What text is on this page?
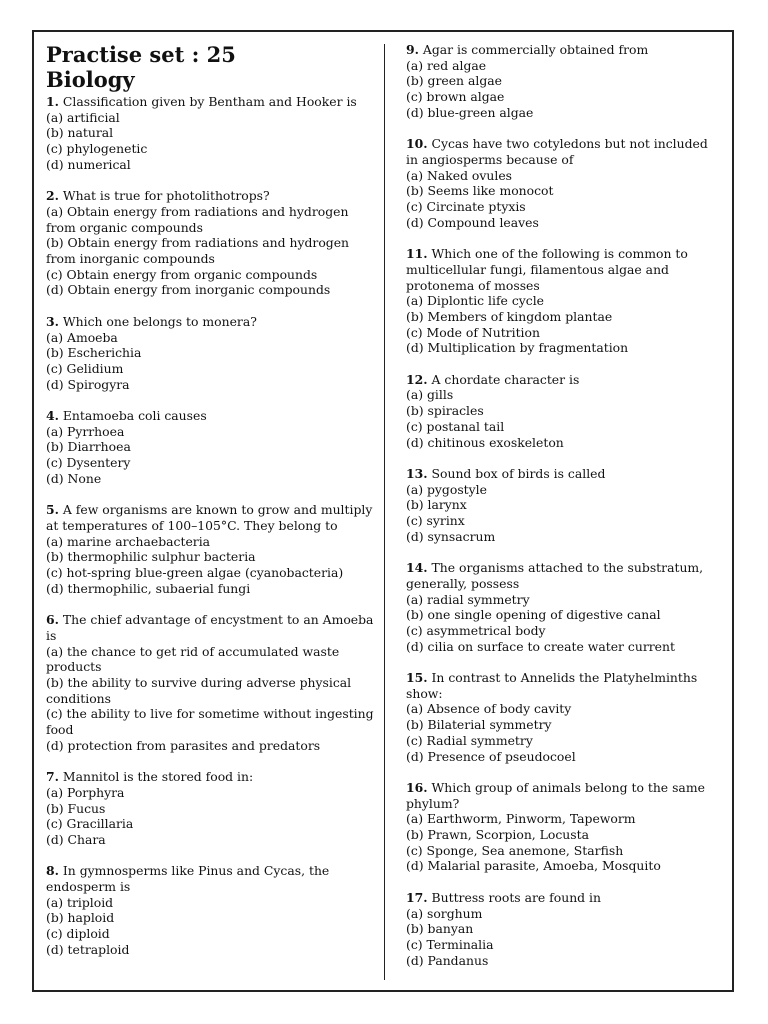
Practise set : 25
Biology
1. Classification given by Bentham and Hooker is
(a) artificial
(b) natural
(c) phylogenetic
(d) numerical
2. What is true for photolithotrops?
(a) Obtain energy from radiations and hydrogen from organic compounds
(b) Obtain energy from radiations and hydrogen from inorganic compounds
(c) Obtain energy from organic compounds
(d) Obtain energy from inorganic compounds
3. Which one belongs to monera?
(a) Amoeba
(b) Escherichia
(c) Gelidium
(d) Spirogyra
4. Entamoeba coli causes
(a) Pyrrhoea
(b) Diarrhoea
(c) Dysentery
(d) None
5. A few organisms are known to grow and multiply at temperatures of 100–105°C. They belong to
(a) marine archaebacteria
(b) thermophilic sulphur bacteria
(c) hot-spring blue-green algae (cyanobacteria)
(d) thermophilic, subaerial fungi
6. The chief advantage of encystment to an Amoeba is
(a) the chance to get rid of accumulated waste products
(b) the ability to survive during adverse physical conditions
(c) the ability to live for sometime without ingesting food
(d) protection from parasites and predators
7. Mannitol is the stored food in:
(a) Porphyra
(b) Fucus
(c) Gracillaria
(d) Chara
8. In gymnosperms like Pinus and Cycas, the endosperm is
(a) triploid
(b) haploid
(c) diploid
(d) tetraploid
9. Agar is commercially obtained from
(a) red algae
(b) green algae
(c) brown algae
(d) blue-green algae
10. Cycas have two cotyledons but not included in angiosperms because of
(a) Naked ovules
(b) Seems like monocot
(c) Circinate ptyxis
(d) Compound leaves
11. Which one of the following is common to multicellular fungi, filamentous algae and protonema of mosses
(a) Diplontic life cycle
(b) Members of kingdom plantae
(c) Mode of Nutrition
(d) Multiplication by fragmentation
12. A chordate character is
(a) gills
(b) spiracles
(c) postanal tail
(d) chitinous exoskeleton
13. Sound box of birds is called
(a) pygostyle
(b) larynx
(c) syrinx
(d) synsacrum
14. The organisms attached to the substratum, generally, possess
(a) radial symmetry
(b) one single opening of digestive canal
(c) asymmetrical body
(d) cilia on surface to create water current
15. In contrast to Annelids the Platyhelminths show:
(a) Absence of body cavity
(b) Bilaterial symmetry
(c) Radial symmetry
(d) Presence of pseudocoel
16. Which group of animals belong to the same phylum?
(a) Earthworm, Pinworm, Tapeworm
(b) Prawn, Scorpion, Locusta
(c) Sponge, Sea anemone, Starfish
(d) Malarial parasite, Amoeba, Mosquito
17. Buttress roots are found in
(a) sorghum
(b) banyan
(c) Terminalia
(d) Pandanus
